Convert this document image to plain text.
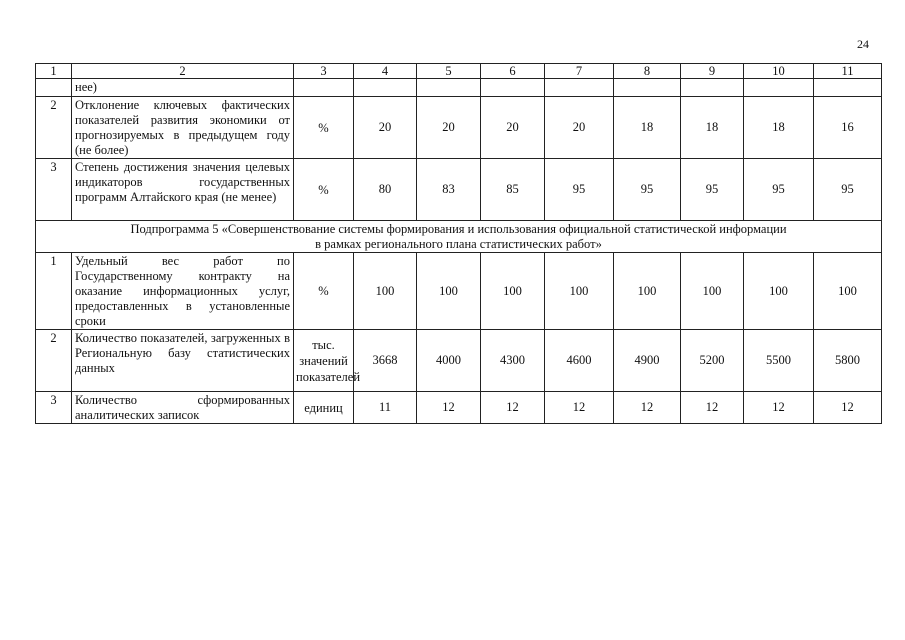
24
1	2	3	4	5	6	7	8	9	10	11
	нее)									
2	Отклонение ключевых фактических показателей развития экономики от прогнозируемых в предыдущем году (не более)	%	20	20	20	20	18	18	18	16
3	Степень достижения значения целевых индикаторов государственных программ Алтайского края (не менее)	%	80	83	85	95	95	95	95	95

Подпрограмма 5 «Совершенствование системы формирования и использования официальной статистической информации
в рамках регионального плана статистических работ»										

1	Удельный вес работ по Государственному контракту на оказание информационных услуг, предоставленных в установленные сроки	%	100	100	100	100	100	100	100	100
2	Количество показателей, загруженных в Региональную базу статистических данных	тыс. значений показателей	3668	4000	4300	4600	4900	5200	5500	5800
3	Количество сформированных аналитических записок	единиц	11	12	12	12	12	12	12	12
